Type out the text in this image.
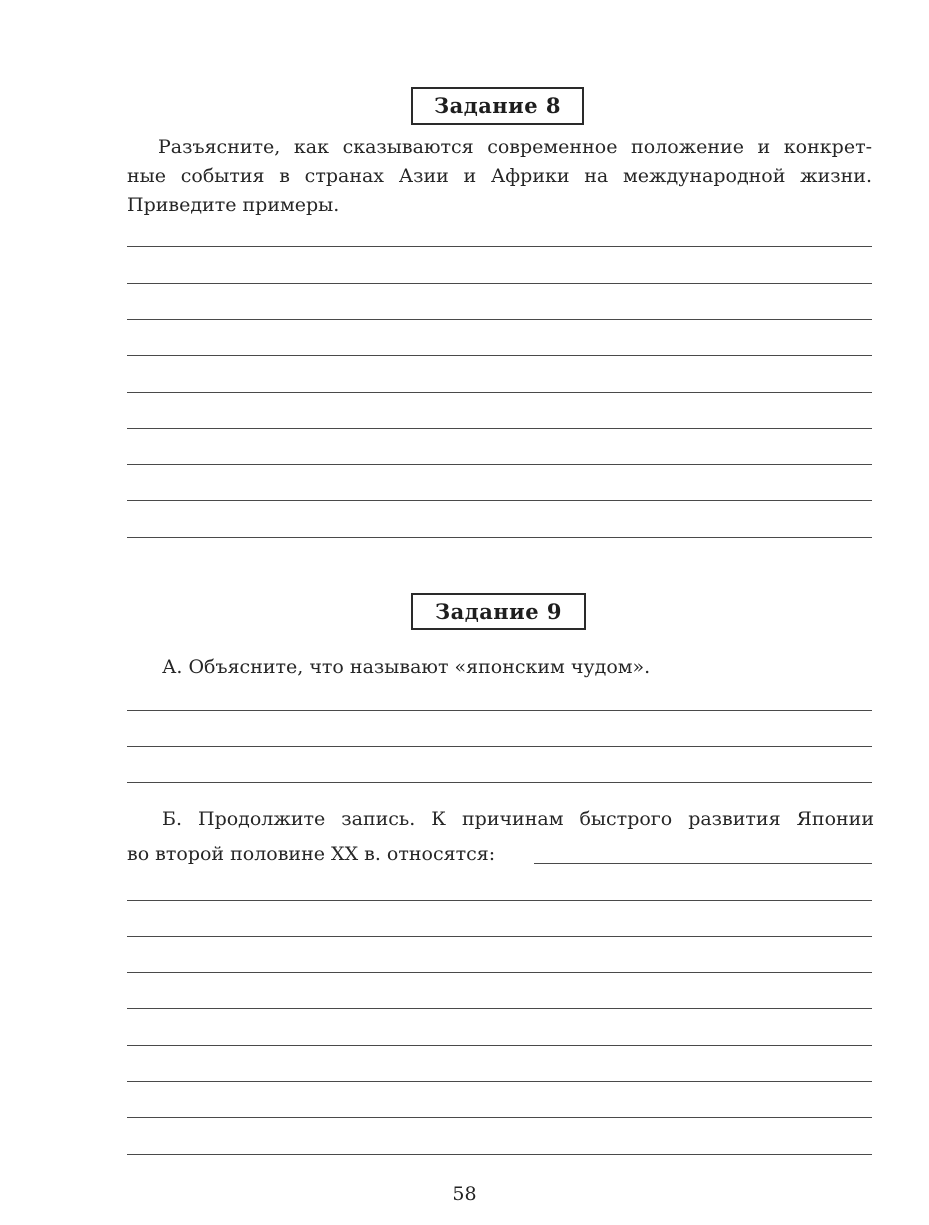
Задание 8
Разъясните, как сказываются современное положение и конкрет-
ные события в странах Азии и Африки на международной жизни.
Приведите примеры.
Задание 9
А. Объясните, что называют «японским чудом».
Б. Продолжите запись. К причинам быстрого развития Японии
во второй половине XX в. относятся:
58
